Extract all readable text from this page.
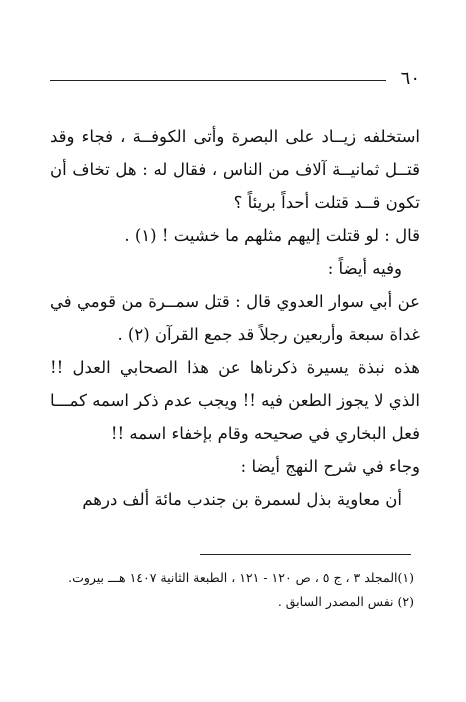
٦٠
استخلفه زيــاد على البصرة وأتى الكوفــة ، فجاء وقد
قتــل ثمانيــة آلاف من الناس ، فقال له : هل تخاف أن
تكون قــد قتلت أحداً بريئاً ؟
قال : لو قتلت إليهم مثلهم ما خشيت ! (١) .
وفيه أيضاً :
عن أبي سوار العدوي قال : قتل سمــرة من قومي في
غداة سبعة وأربعين رجلاً قد جمع القرآن (٢) .
هذه نبذة يسيرة ذكرناها عن هذا الصحابي العدل !!
الذي لا يجوز الطعن فيه !! ويجب عدم ذكر اسمه كمـــا
فعل البخاري في صحيحه وقام بإخفاء اسمه !!
وجاء في شرح النهج أيضا :
أن معاوية بذل لسمرة بن جندب مائة ألف درهم
(١)المجلد ٣ ، ج ٥ ، ص ١٢٠ - ١٢١ ، الطبعة الثانية ١٤٠٧ هـــ بيروت.
(٢) نفس المصدر السابق .
